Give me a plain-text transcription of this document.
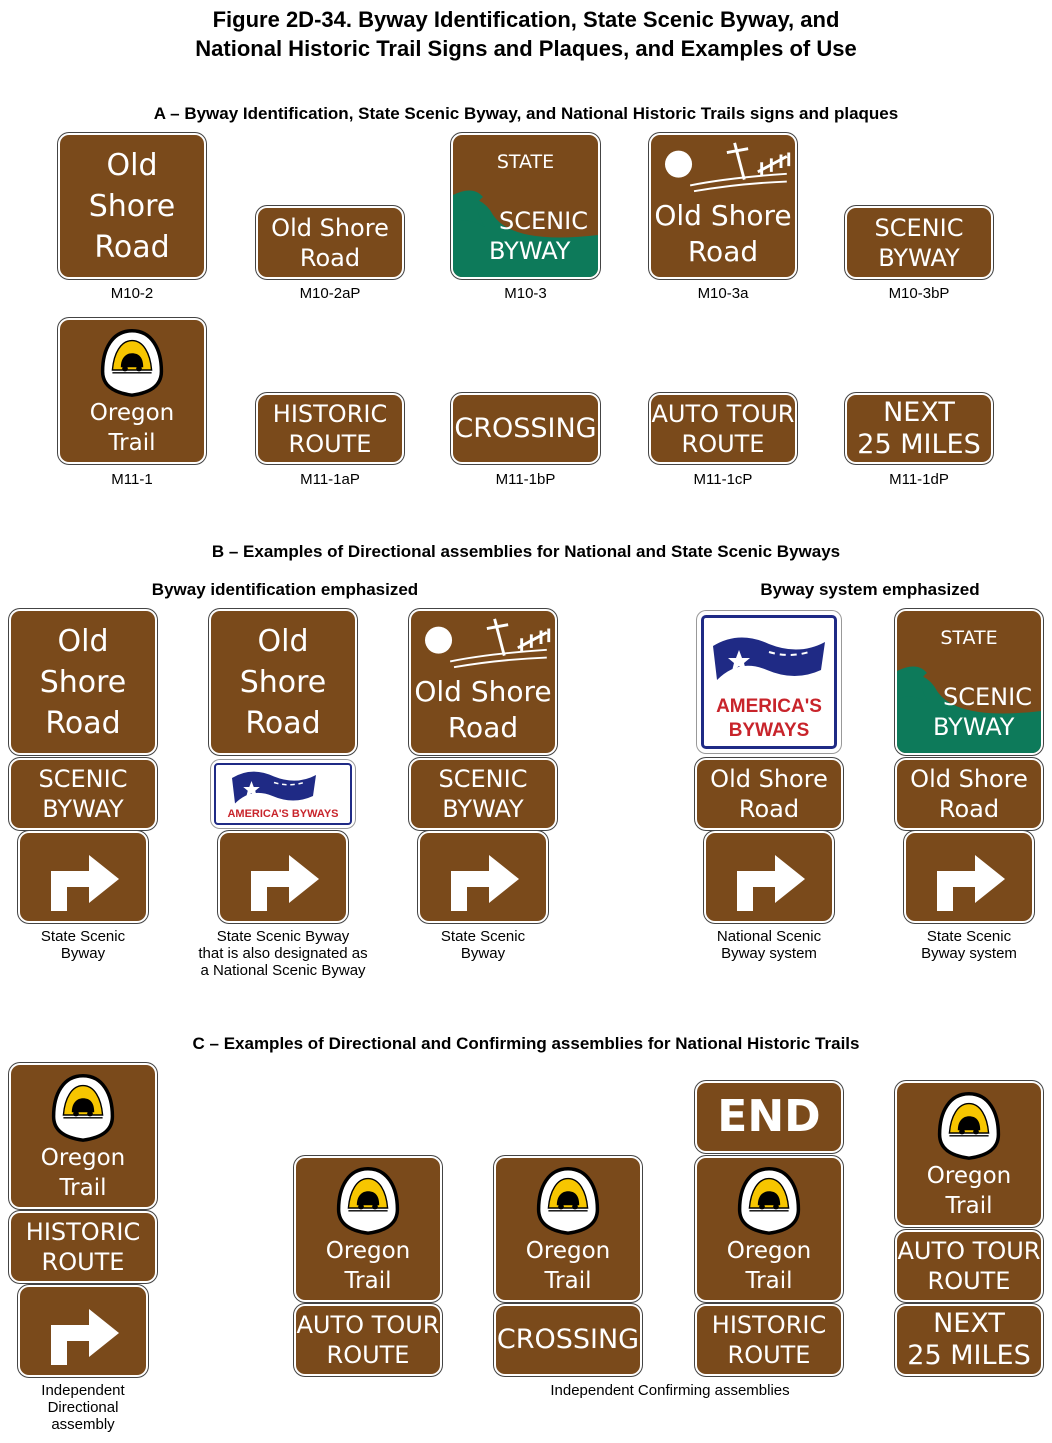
Figure 2D-34. Byway Identification, State Scenic Byway, and
National Historic Trail Signs and Plaques, and Examples of Use
A – Byway Identification, State Scenic Byway, and National Historic Trails signs and plaques
Old
Shore
Road
Old Shore
Road
STATE
SCENIC
BYWAY
Old Shore
Road
SCENIC
BYWAY
M10-2	M10-2aP	M10-3	M10-3a	M10-3bP
Oregon
Trail
HISTORIC
ROUTE	CROSSING AUTO TOUR
ROUTE
NEXT
25 MILES
M11-1	M11-1aP	M11-1bP	M11-1cP	M11-1dP
B – Examples of Directional assemblies for National and State Scenic Byways
Byway identification emphasized	Byway system emphasized
Old
Shore
Road
SCENIC
BYWAY
Old
Shore
Road
AMERICA'S BYWAYS
Old Shore
Road
SCENIC
BYWAY
AMERICA'S
BYWAYS
Old Shore
Road
STATE
SCENIC
BYWAY
Old Shore
Road
State Scenic
Byway
State Scenic Byway
that is also designated as
a National Scenic Byway
State Scenic
Byway
National Scenic
Byway system
State Scenic
Byway system
C – Examples of Directional and Confirming assemblies for National Historic Trails
Oregon
Trail
HISTORIC
ROUTE
Independent
Directional
assembly
Oregon
Trail
AUTO TOUR
ROUTE
Oregon
Trail
CROSSING
END
Oregon
Trail
HISTORIC
ROUTE
Oregon
Trail
AUTO TOUR
ROUTE
NEXT
25 MILES
Independent Confirming assemblies
